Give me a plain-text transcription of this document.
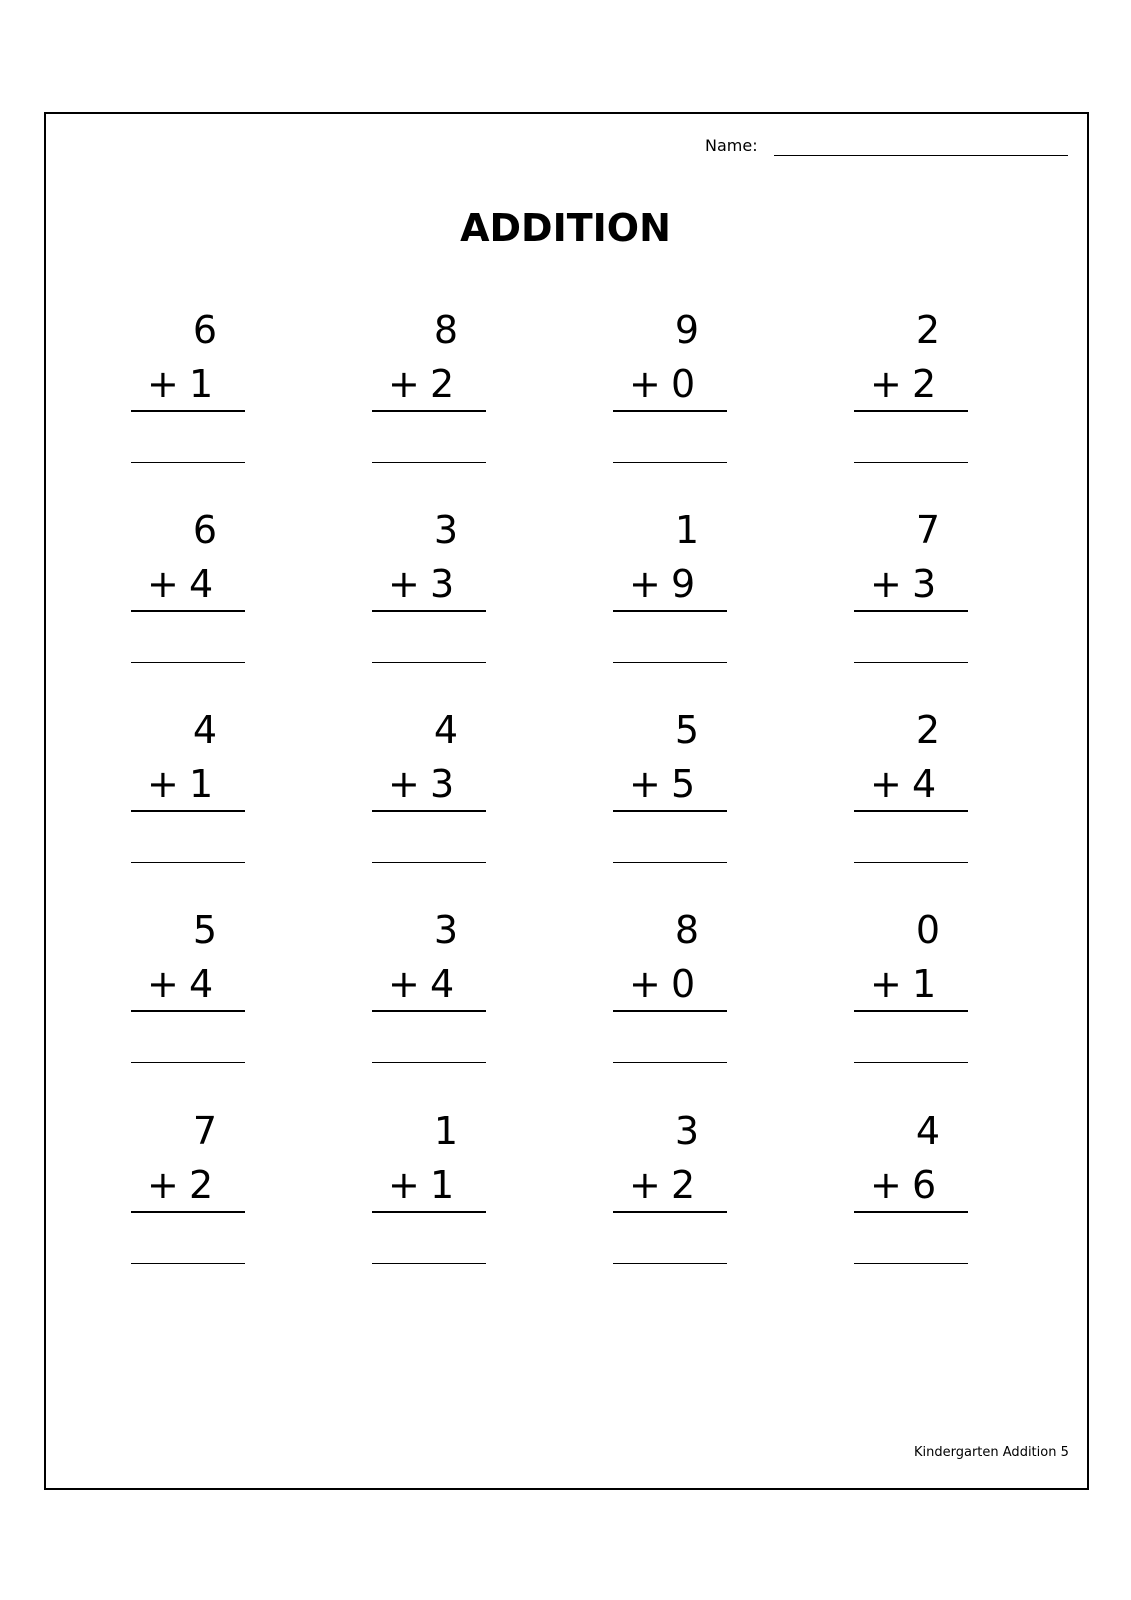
Name:
ADDITION
6
+ 1
8
+ 2
9
+ 0
2
+ 2
6
+ 4
3
+ 3
1
+ 9
7
+ 3
4
+ 1
4
+ 3
5
+ 5
2
+ 4
5
+ 4
3
+ 4
8
+ 0
0
+ 1
7
+ 2
1
+ 1
3
+ 2
4
+ 6
Kindergarten Addition 5
